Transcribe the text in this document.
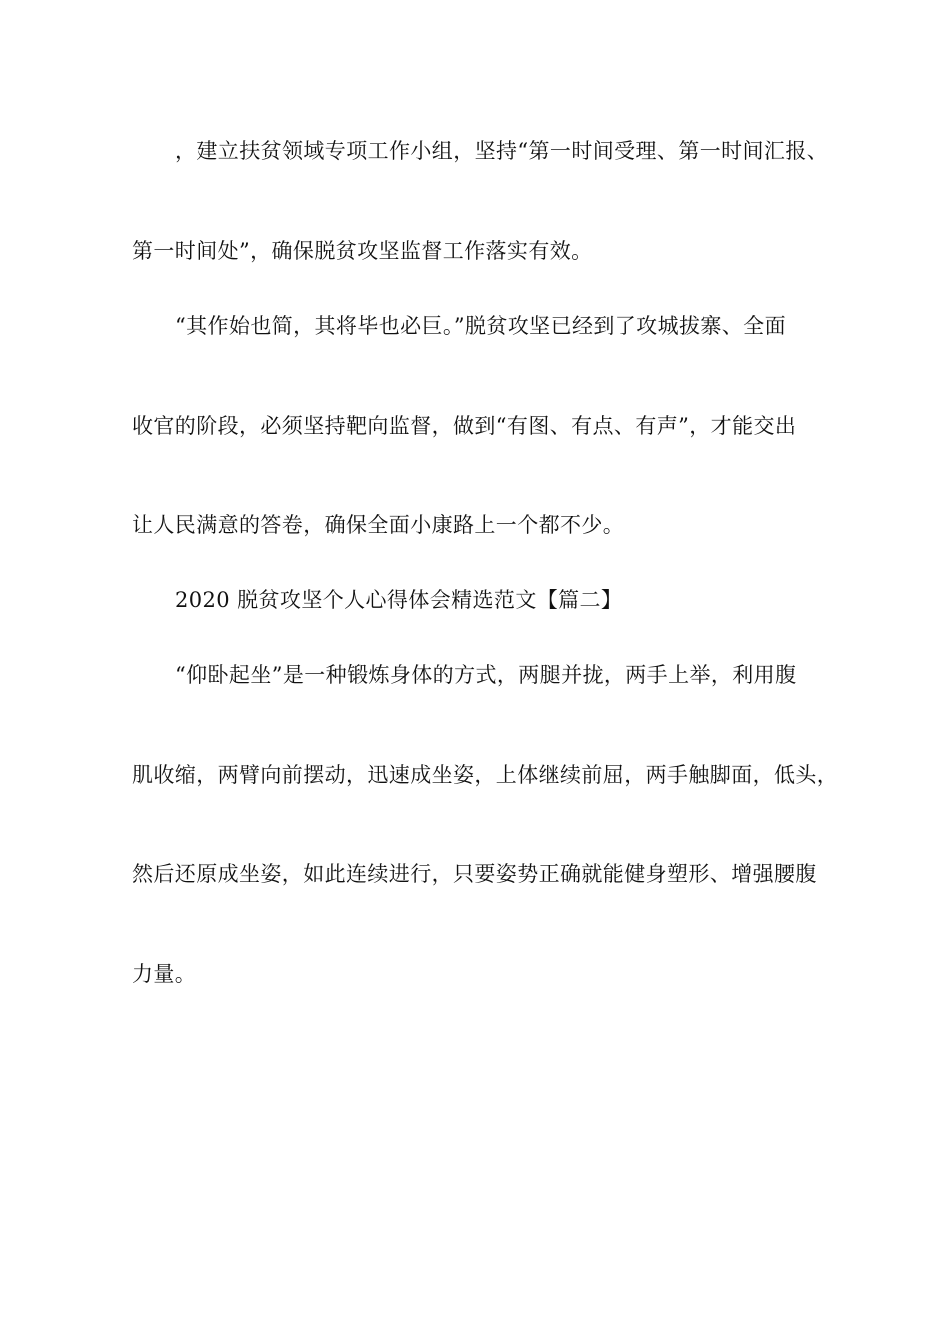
，建立扶贫领域专项工作小组，坚持“第一时间受理、第一时间汇报、

第一时间处”，确保脱贫攻坚监督工作落实有效。

“其作始也简，其将毕也必巨。”脱贫攻坚已经到了攻城拔寨、全面

收官的阶段，必须坚持靶向监督，做到“有图、有点、有声”，才能交出

让人民满意的答卷，确保全面小康路上一个都不少。

2020 脱贫攻坚个人心得体会精选范文【篇二】

“仰卧起坐”是一种锻炼身体的方式，两腿并拢，两手上举，利用腹

肌收缩，两臂向前摆动，迅速成坐姿，上体继续前屈，两手触脚面，低头，

然后还原成坐姿，如此连续进行，只要姿势正确就能健身塑形、增强腰腹

力量。
